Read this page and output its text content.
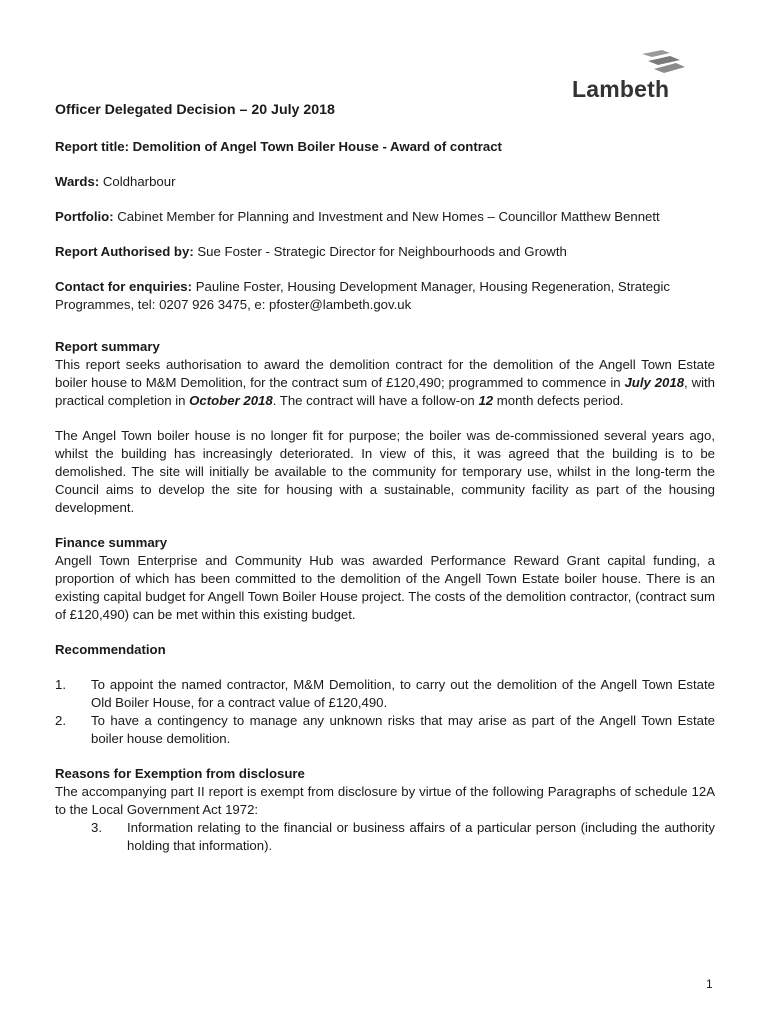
Lambeth
Officer Delegated Decision – 20 July 2018

Report title: Demolition of Angel Town Boiler House - Award of contract

Wards: Coldharbour

Portfolio: Cabinet Member for Planning and Investment and New Homes – Councillor Matthew Bennett

Report Authorised by: Sue Foster - Strategic Director for Neighbourhoods and Growth

Contact for enquiries: Pauline Foster, Housing Development Manager, Housing Regeneration, Strategic Programmes, tel: 0207 926 3475, e: pfoster@lambeth.gov.uk

Report summary

This report seeks authorisation to award the demolition contract for the demolition of the Angell Town Estate boiler house to M&M Demolition, for the contract sum of £120,490; programmed to commence in July 2018, with practical completion in October 2018. The contract will have a follow-on 12 month defects period.

The Angel Town boiler house is no longer fit for purpose; the boiler was de-commissioned several years ago, whilst the building has increasingly deteriorated. In view of this, it was agreed that the building is to be demolished. The site will initially be available to the community for temporary use, whilst in the long-term the Council aims to develop the site for housing with a sustainable, community facility as part of the housing development.

Finance summary

Angell Town Enterprise and Community Hub was awarded Performance Reward Grant capital funding, a proportion of which has been committed to the demolition of the Angell Town Estate boiler house. There is an existing capital budget for Angell Town Boiler House project. The costs of the demolition contractor, (contract sum of £120,490) can be met within this existing budget.

Recommendation

1.	To appoint the named contractor, M&M Demolition, to carry out the demolition of the Angell Town Estate Old Boiler House, for a contract value of £120,490.
2.	To have a contingency to manage any unknown risks that may arise as part of the Angell Town Estate boiler house demolition.

Reasons for Exemption from disclosure

The accompanying part II report is exempt from disclosure by virtue of the following Paragraphs of schedule 12A to the Local Government Act 1972:

3.	Information relating to the financial or business affairs of a particular person (including the authority holding that information).
1
